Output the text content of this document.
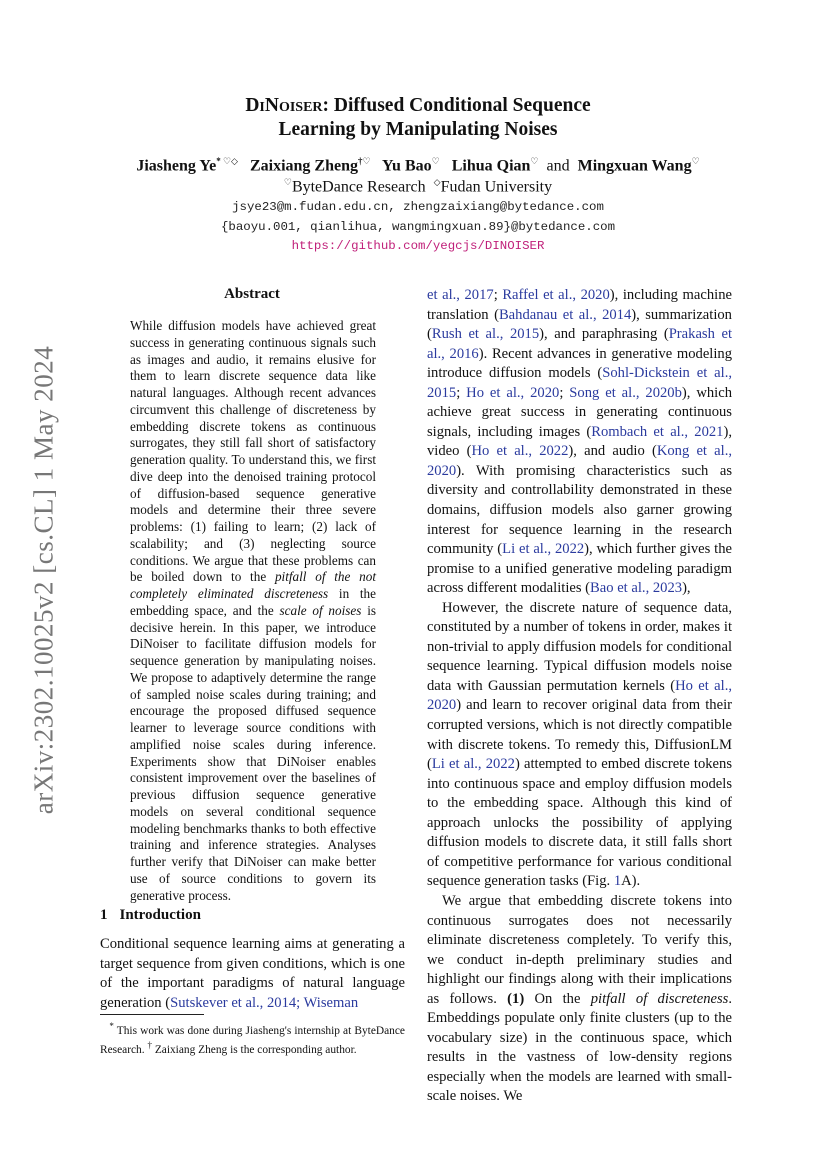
arXiv:2302.10025v2 [cs.CL] 1 May 2024
DiNoiser: Diffused Conditional Sequence
Learning by Manipulating Noises
Jiasheng Ye* ♡◇ Zaixiang Zheng†♡ Yu Bao♡ Lihua Qian♡ and Mingxuan Wang♡
♡ByteDance Research ◇Fudan University
jsye23@m.fudan.edu.cn, zhengzaixiang@bytedance.com
{baoyu.001, qianlihua, wangmingxuan.89}@bytedance.com
https://github.com/yegcjs/DINOISER
Abstract

While diffusion models have achieved great success in generating continuous signals such as images and audio, it remains elusive for them to learn discrete sequence data like natural languages. Although recent advances circumvent this challenge of discreteness by embedding discrete tokens as continuous surrogates, they still fall short of satisfactory generation quality. To understand this, we first dive deep into the denoised training protocol of diffusion-based sequence generative models and determine their three severe problems: (1) failing to learn; (2) lack of scalability; and (3) neglecting source conditions. We argue that these problems can be boiled down to the pitfall of the not completely eliminated discreteness in the embedding space, and the scale of noises is decisive herein. In this paper, we introduce DiNoiser to facilitate diffusion models for sequence generation by manipulating noises. We propose to adaptively determine the range of sampled noise scales during training; and encourage the proposed diffused sequence learner to leverage source conditions with amplified noise scales during inference. Experiments show that DiNoiser enables consistent improvement over the baselines of previous diffusion sequence generative models on several conditional sequence modeling benchmarks thanks to both effective training and inference strategies. Analyses further verify that DiNoiser can make better use of source conditions to govern its generative process.

1 Introduction

Conditional sequence learning aims at generating a target sequence from given conditions, which is one of the important paradigms of natural language generation (Sutskever et al., 2014; Wiseman

* This work was done during Jiasheng's internship at ByteDance Research. † Zaixiang Zheng is the corresponding author.

et al., 2017; Raffel et al., 2020), including machine translation (Bahdanau et al., 2014), summarization (Rush et al., 2015), and paraphrasing (Prakash et al., 2016). Recent advances in generative modeling introduce diffusion models (Sohl-Dickstein et al., 2015; Ho et al., 2020; Song et al., 2020b), which achieve great success in generating continuous signals, including images (Rombach et al., 2021), video (Ho et al., 2022), and audio (Kong et al., 2020). With promising characteristics such as diversity and controllability demonstrated in these domains, diffusion models also garner growing interest for sequence learning in the research community (Li et al., 2022), which further gives the promise to a unified generative modeling paradigm across different modalities (Bao et al., 2023),

However, the discrete nature of sequence data, constituted by a number of tokens in order, makes it non-trivial to apply diffusion models for conditional sequence learning. Typical diffusion models noise data with Gaussian permutation kernels (Ho et al., 2020) and learn to recover original data from their corrupted versions, which is not directly compatible with discrete tokens. To remedy this, DiffusionLM (Li et al., 2022) attempted to embed discrete tokens into continuous space and employ diffusion models to the embedding space. Although this kind of approach unlocks the possibility of applying diffusion models to discrete data, it still falls short of competitive performance for various conditional sequence generation tasks (Fig. 1A).

We argue that embedding discrete tokens into continuous surrogates does not necessarily eliminate discreteness completely. To verify this, we conduct in-depth preliminary studies and highlight our findings along with their implications as follows. (1) On the pitfall of discreteness. Embeddings populate only finite clusters (up to the vocabulary size) in the continuous space, which results in the vastness of low-density regions especially when the models are learned with small-scale noises. We
